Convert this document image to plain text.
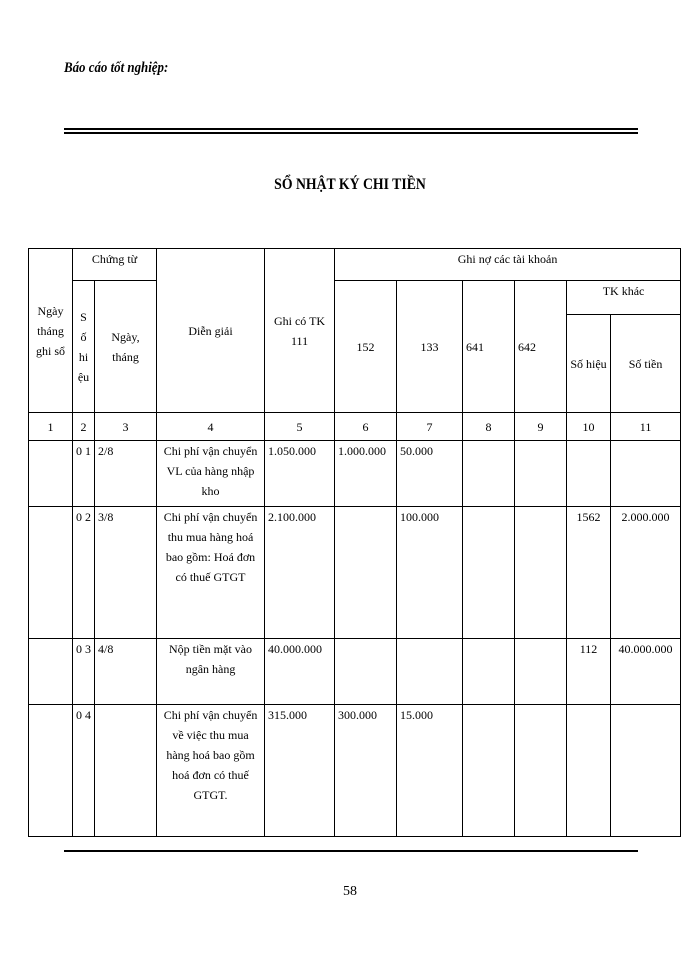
Báo cáo tốt nghiệp:
SỔ NHẬT KÝ CHI TIỀN
Ngày tháng ghi sổ	Chứng từ		Diễn giải	Ghi có TK 111	Ghi nợ các tài khoản					
	S ố hi ệu	Ngày, tháng			152	133	641	642	TK khác	
									Số hiệu	Số tiền
1	2	3	4	5	6	7	8	9	10	11
	0 1	2/8	Chi phí vận chuyển VL của hàng nhập kho	1.050.000	1.000.000	50.000				
	0 2	3/8	Chi phí vận chuyển thu mua hàng hoá bao gồm: Hoá đơn có thuế GTGT	2.100.000		100.000			1562	2.000.000
	0 3	4/8	Nộp tiền mặt vào ngân hàng	40.000.000					112	40.000.000
	0 4		Chi phí vận chuyển về việc thu mua hàng hoá bao gồm hoá đơn có thuế GTGT.	315.000	300.000	15.000				
58
